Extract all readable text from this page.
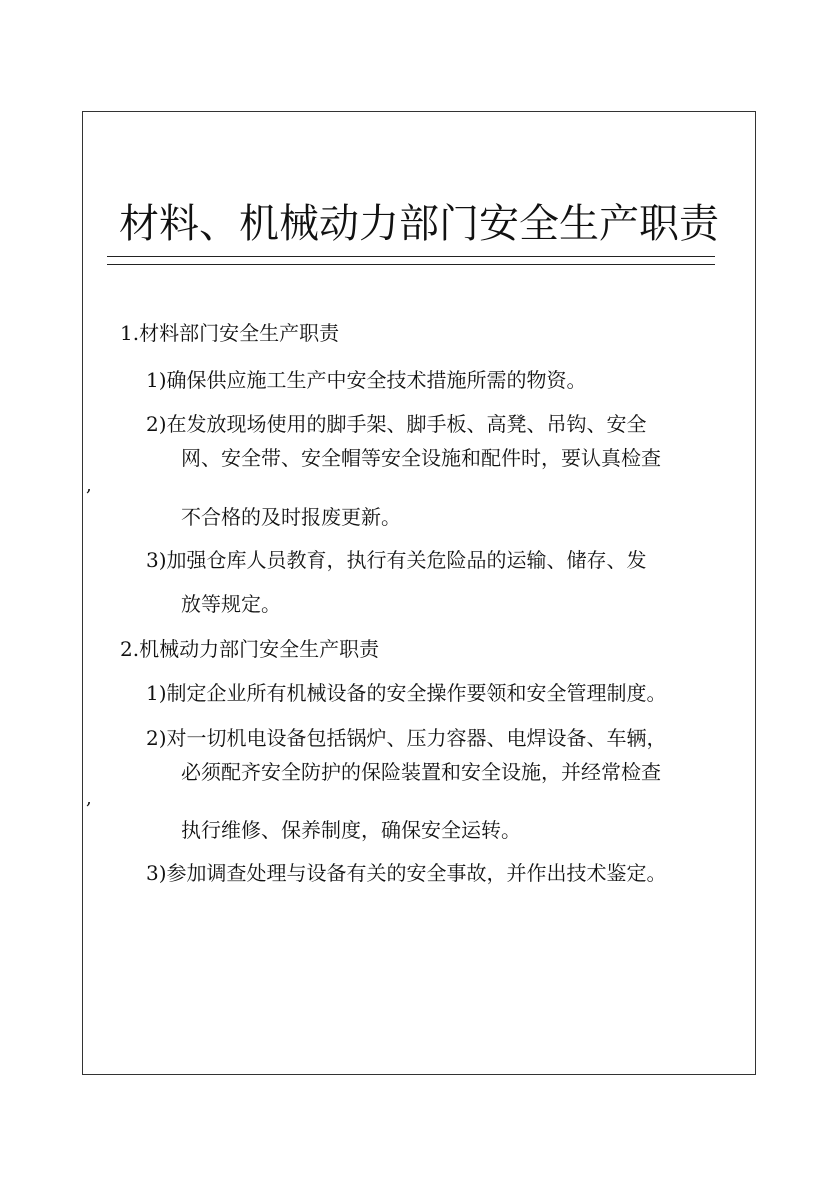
材料、机械动力部门安全生产职责
1.材料部门安全生产职责
1)确保供应施工生产中安全技术措施所需的物资。
2)在发放现场使用的脚手架、脚手板、高凳、吊钩、安全
网、安全带、安全帽等安全设施和配件时，要认真检查
,
不合格的及时报废更新。
3)加强仓库人员教育，执行有关危险品的运输、储存、发
放等规定。
2.机械动力部门安全生产职责
1)制定企业所有机械设备的安全操作要领和安全管理制度。
2)对一切机电设备包括锅炉、压力容器、电焊设备、车辆，
必须配齐安全防护的保险装置和安全设施，并经常检查
,
执行维修、保养制度，确保安全运转。
3)参加调查处理与设备有关的安全事故，并作出技术鉴定。
